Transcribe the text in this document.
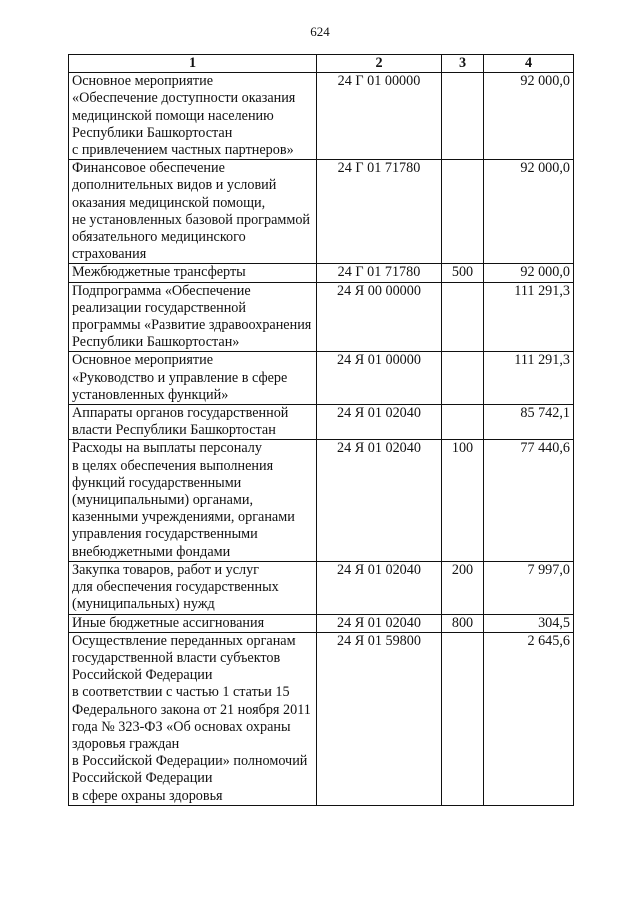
624
1	2	3	4
Основное мероприятие
«Обеспечение доступности оказания медицинской помощи населению Республики Башкортостан
с привлечением частных партнеров»	24 Г 01 00000		92 000,0
Финансовое обеспечение дополнительных видов и условий оказания медицинской помощи,
не установленных базовой программой обязательного медицинского страхования	24 Г 01 71780		92 000,0
Межбюджетные трансферты	24 Г 01 71780	500	92 000,0
Подпрограмма «Обеспечение реализации государственной программы «Развитие здравоохранения Республики Башкортостан»	24 Я 00 00000		111 291,3
Основное мероприятие
«Руководство и управление в сфере установленных функций»	24 Я 01 00000		111 291,3
Аппараты органов государственной власти Республики Башкортостан	24 Я 01 02040		85 742,1
Расходы на выплаты персоналу
в целях обеспечения выполнения функций государственными (муниципальными) органами, казенными учреждениями, органами управления государственными внебюджетными фондами	24 Я 01 02040	100	77 440,6
Закупка товаров, работ и услуг
для обеспечения государственных (муниципальных) нужд	24 Я 01 02040	200	7 997,0
Иные бюджетные ассигнования	24 Я 01 02040	800	304,5
Осуществление переданных органам государственной власти субъектов Российской Федерации
в соответствии с частью 1 статьи 15 Федерального закона от 21 ноября 2011 года № 323-ФЗ «Об основах охраны здоровья граждан
в Российской Федерации» полномочий Российской Федерации
в сфере охраны здоровья	24 Я 01 59800		2 645,6
